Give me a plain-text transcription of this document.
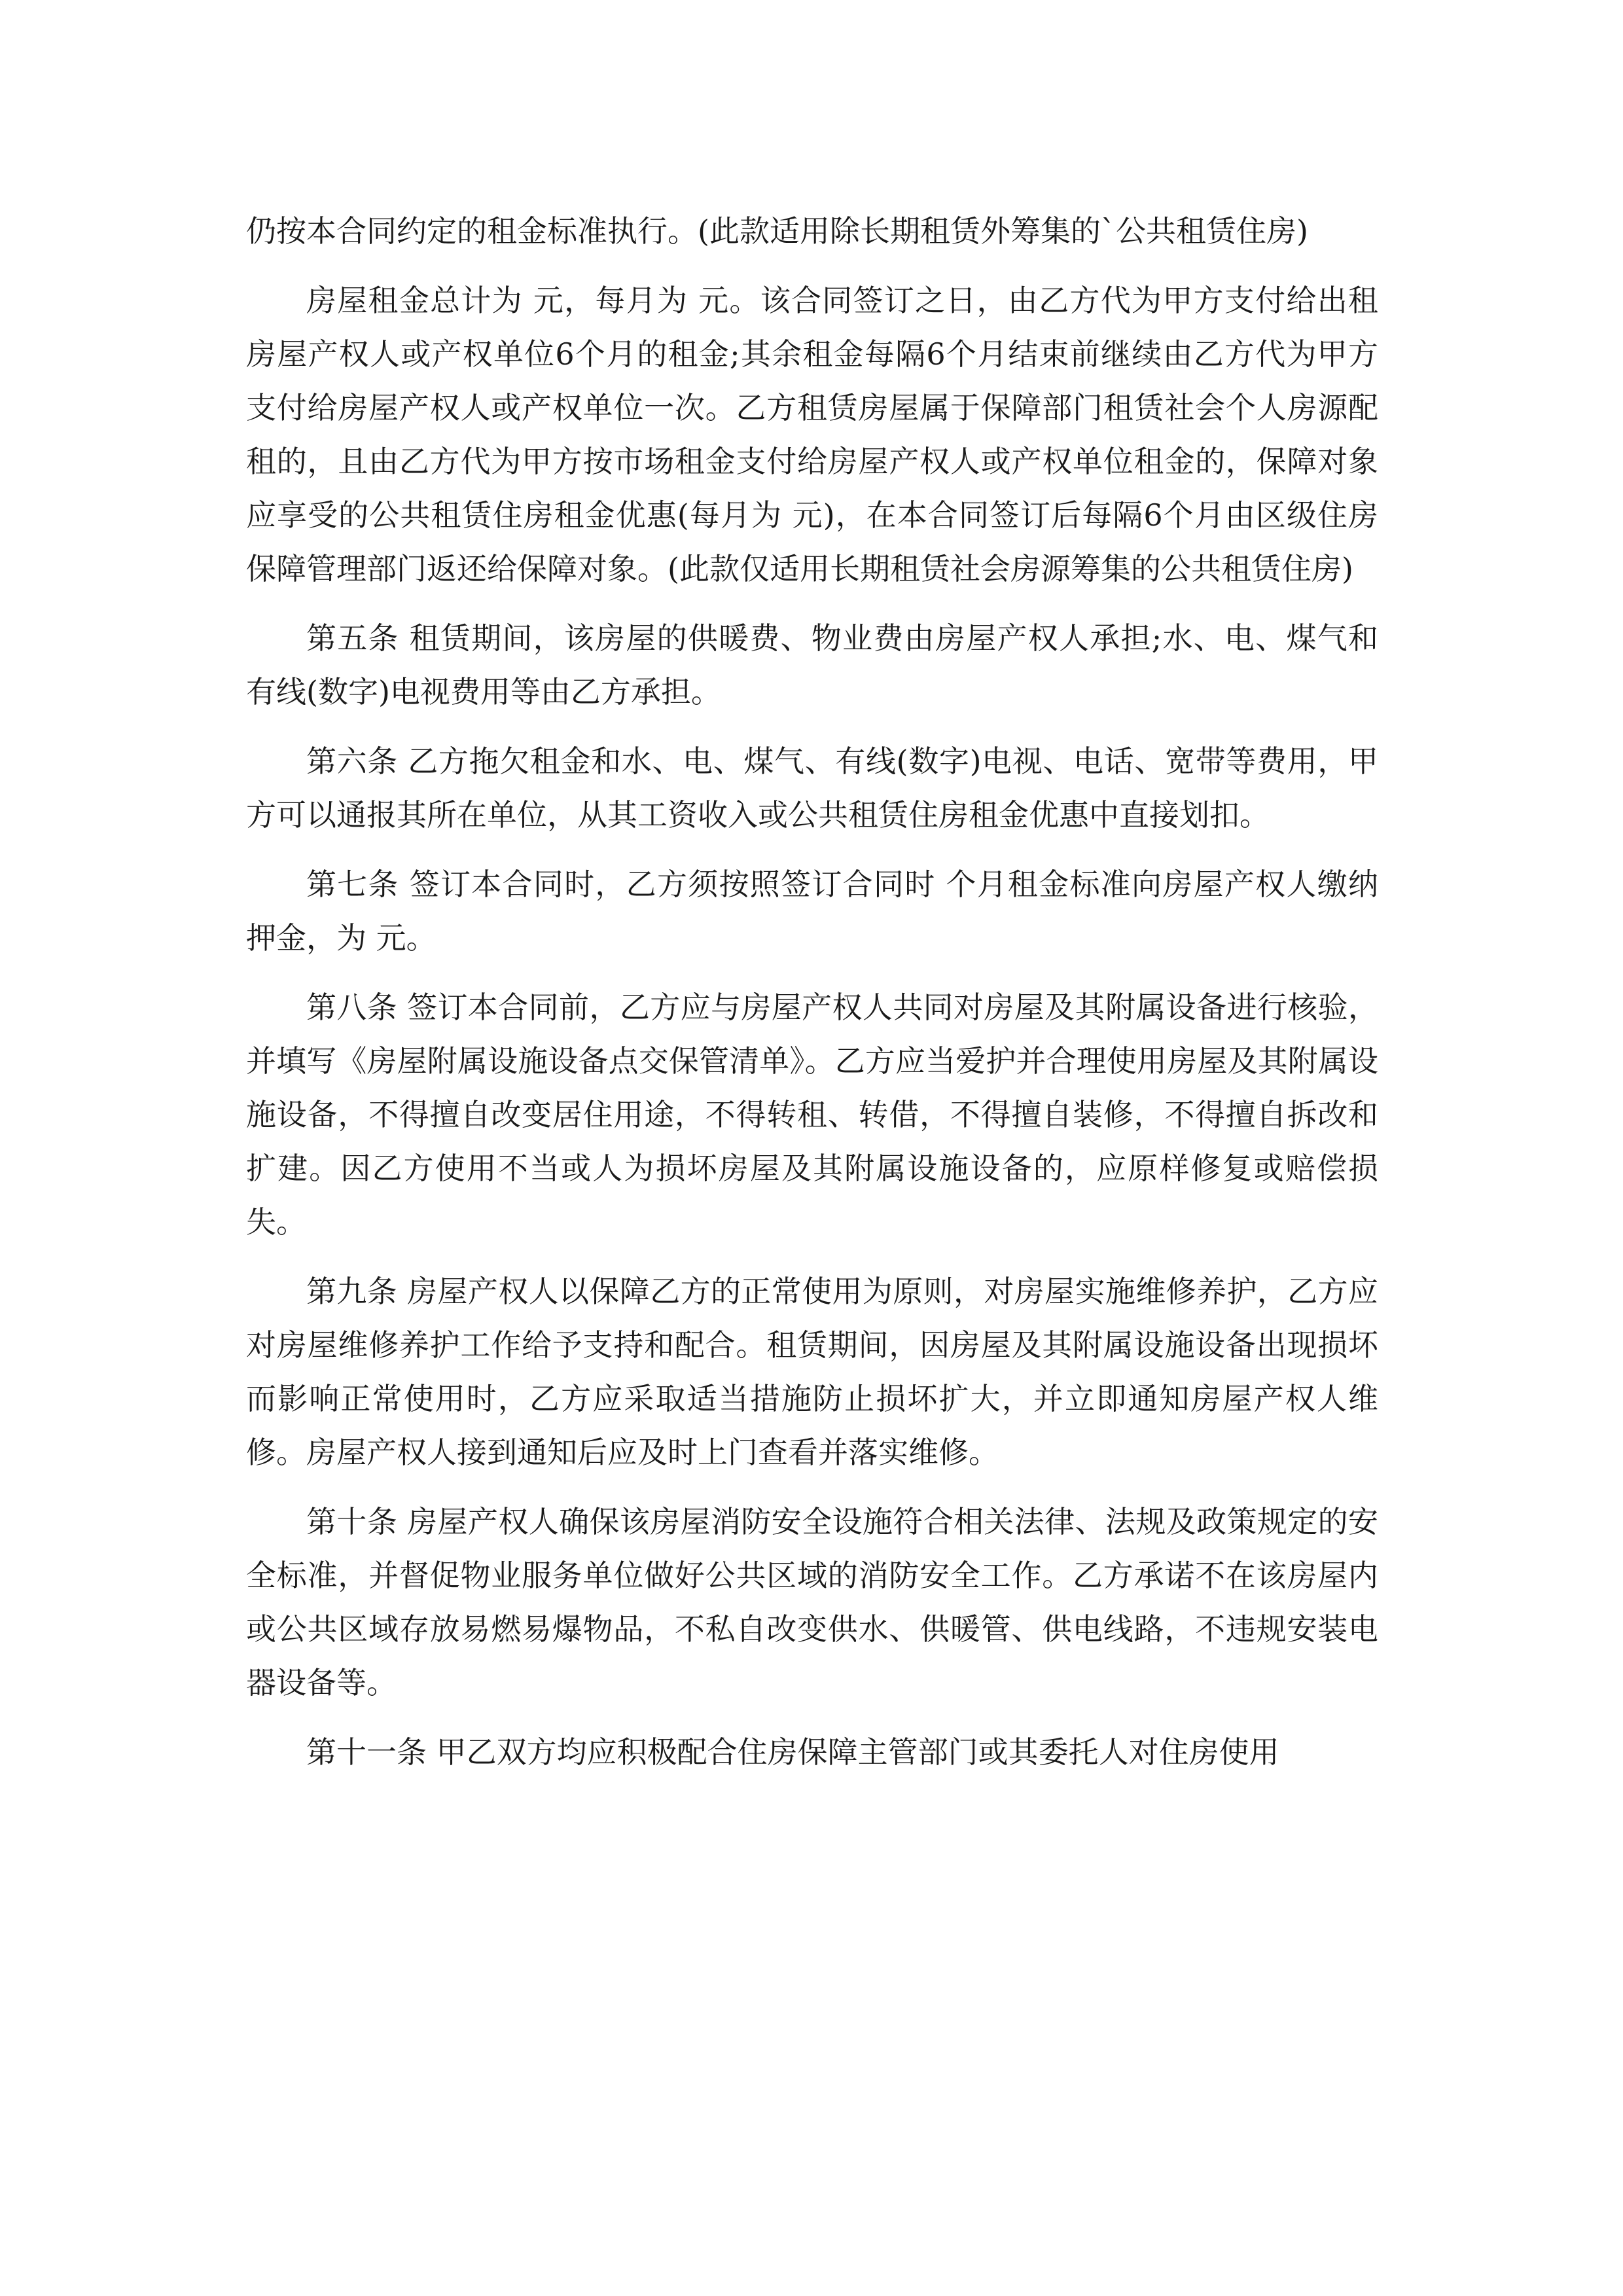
仍按本合同约定的租金标准执行。(此款适用除长期租赁外筹集的`公共租赁住房)

房屋租金总计为 元，每月为 元。该合同签订之日，由乙方代为甲方支付给出租房屋产权人或产权单位6个月的租金;其余租金每隔6个月结束前继续由乙方代为甲方支付给房屋产权人或产权单位一次。乙方租赁房屋属于保障部门租赁社会个人房源配租的，且由乙方代为甲方按市场租金支付给房屋产权人或产权单位租金的，保障对象应享受的公共租赁住房租金优惠(每月为 元)，在本合同签订后每隔6个月由区级住房保障管理部门返还给保障对象。(此款仅适用长期租赁社会房源筹集的公共租赁住房)

第五条 租赁期间，该房屋的供暖费、物业费由房屋产权人承担;水、电、煤气和有线(数字)电视费用等由乙方承担。

第六条 乙方拖欠租金和水、电、煤气、有线(数字)电视、电话、宽带等费用，甲方可以通报其所在单位，从其工资收入或公共租赁住房租金优惠中直接划扣。

第七条 签订本合同时，乙方须按照签订合同时 个月租金标准向房屋产权人缴纳押金，为 元。

第八条 签订本合同前，乙方应与房屋产权人共同对房屋及其附属设备进行核验，并填写《房屋附属设施设备点交保管清单》。乙方应当爱护并合理使用房屋及其附属设施设备，不得擅自改变居住用途，不得转租、转借，不得擅自装修，不得擅自拆改和扩建。因乙方使用不当或人为损坏房屋及其附属设施设备的，应原样修复或赔偿损失。

第九条 房屋产权人以保障乙方的正常使用为原则，对房屋实施维修养护，乙方应对房屋维修养护工作给予支持和配合。租赁期间，因房屋及其附属设施设备出现损坏而影响正常使用时，乙方应采取适当措施防止损坏扩大，并立即通知房屋产权人维修。房屋产权人接到通知后应及时上门查看并落实维修。

第十条 房屋产权人确保该房屋消防安全设施符合相关法律、法规及政策规定的安全标准，并督促物业服务单位做好公共区域的消防安全工作。乙方承诺不在该房屋内或公共区域存放易燃易爆物品，不私自改变供水、供暖管、供电线路，不违规安装电器设备等。

第十一条 甲乙双方均应积极配合住房保障主管部门或其委托人对住房使用
